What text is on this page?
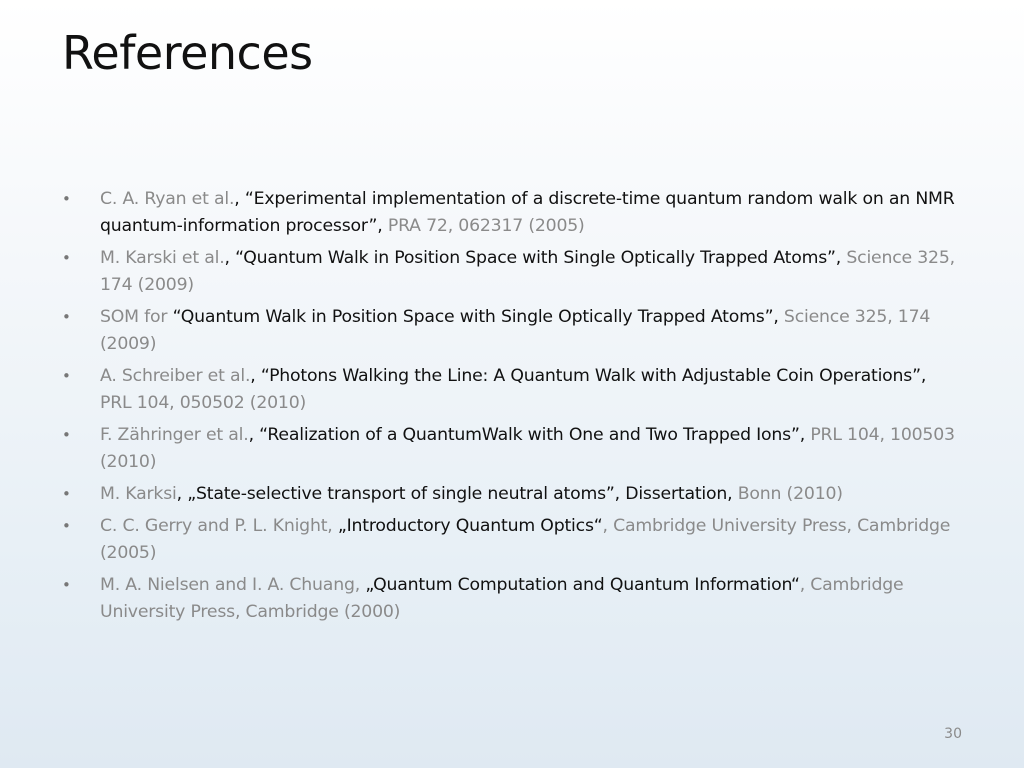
References
• C. A. Ryan et al., “Experimental implementation of a discrete-time quantum random walk on an NMR quantum-information processor”, PRA 72, 062317 (2005)
• M. Karski et al., “Quantum Walk in Position Space with Single Optically Trapped Atoms”, Science 325, 174 (2009)
• SOM for “Quantum Walk in Position Space with Single Optically Trapped Atoms”, Science 325, 174 (2009)
• A. Schreiber et al., “Photons Walking the Line: A Quantum Walk with Adjustable Coin Operations”, PRL 104, 050502 (2010)
• F. Zähringer et al., “Realization of a QuantumWalk with One and Two Trapped Ions”, PRL 104, 100503 (2010)
• M. Karksi, „State-selective transport of single neutral atoms”, Dissertation, Bonn (2010)
• C. C. Gerry and P. L. Knight, „Introductory Quantum Optics“, Cambridge University Press, Cambridge (2005)
• M. A. Nielsen and I. A. Chuang, „Quantum Computation and Quantum Information“, Cambridge University Press, Cambridge (2000)
30
